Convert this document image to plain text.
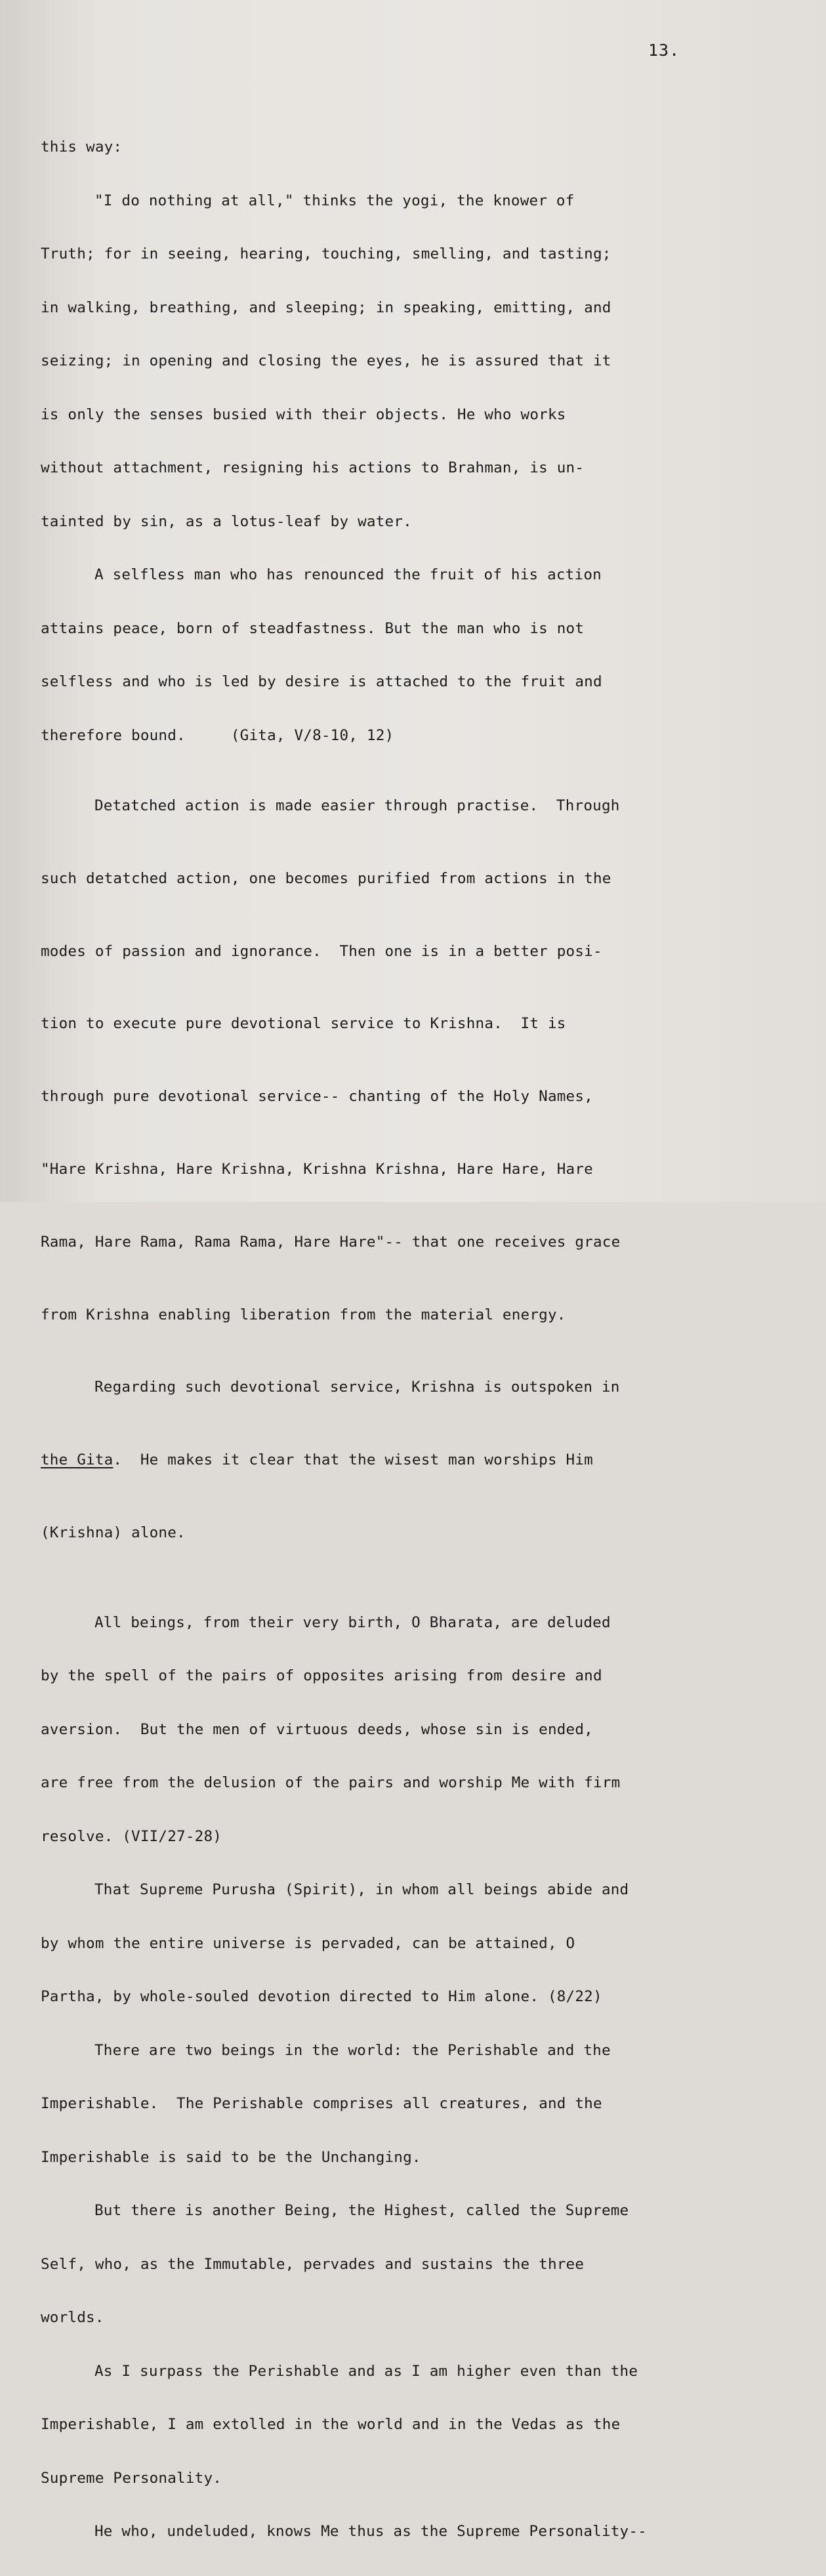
13.

this way:

"I do nothing at all," thinks the yogi, the knower of

Truth; for in seeing, hearing, touching, smelling, and tasting;

in walking, breathing, and sleeping; in speaking, emitting, and

seizing; in opening and closing the eyes, he is assured that it

is only the senses busied with their objects. He who works

without attachment, resigning his actions to Brahman, is un-

tainted by sin, as a lotus-leaf by water.

A selfless man who has renounced the fruit of his action

attains peace, born of steadfastness. But the man who is not

selfless and who is led by desire is attached to the fruit and

therefore bound.     (Gita, V/8-10, 12)

Detatched action is made easier through practise.  Through

such detatched action, one becomes purified from actions in the

modes of passion and ignorance.  Then one is in a better posi-

tion to execute pure devotional service to Krishna.  It is

through pure devotional service-- chanting of the Holy Names,

"Hare Krishna, Hare Krishna, Krishna Krishna, Hare Hare, Hare

Rama, Hare Rama, Rama Rama, Hare Hare"-- that one receives grace

from Krishna enabling liberation from the material energy.

Regarding such devotional service, Krishna is outspoken in

the Gita.  He makes it clear that the wisest man worships Him

(Krishna) alone.

All beings, from their very birth, O Bharata, are deluded

by the spell of the pairs of opposites arising from desire and

aversion.  But the men of virtuous deeds, whose sin is ended,

are free from the delusion of the pairs and worship Me with firm

resolve. (VII/27-28)

That Supreme Purusha (Spirit), in whom all beings abide and

by whom the entire universe is pervaded, can be attained, O

Partha, by whole-souled devotion directed to Him alone. (8/22)

There are two beings in the world: the Perishable and the

Imperishable.  The Perishable comprises all creatures, and the

Imperishable is said to be the Unchanging.

But there is another Being, the Highest, called the Supreme

Self, who, as the Immutable, pervades and sustains the three

worlds.

As I surpass the Perishable and as I am higher even than the

Imperishable, I am extolled in the world and in the Vedas as the

Supreme Personality.

He who, undeluded, knows Me thus as the Supreme Personality--
